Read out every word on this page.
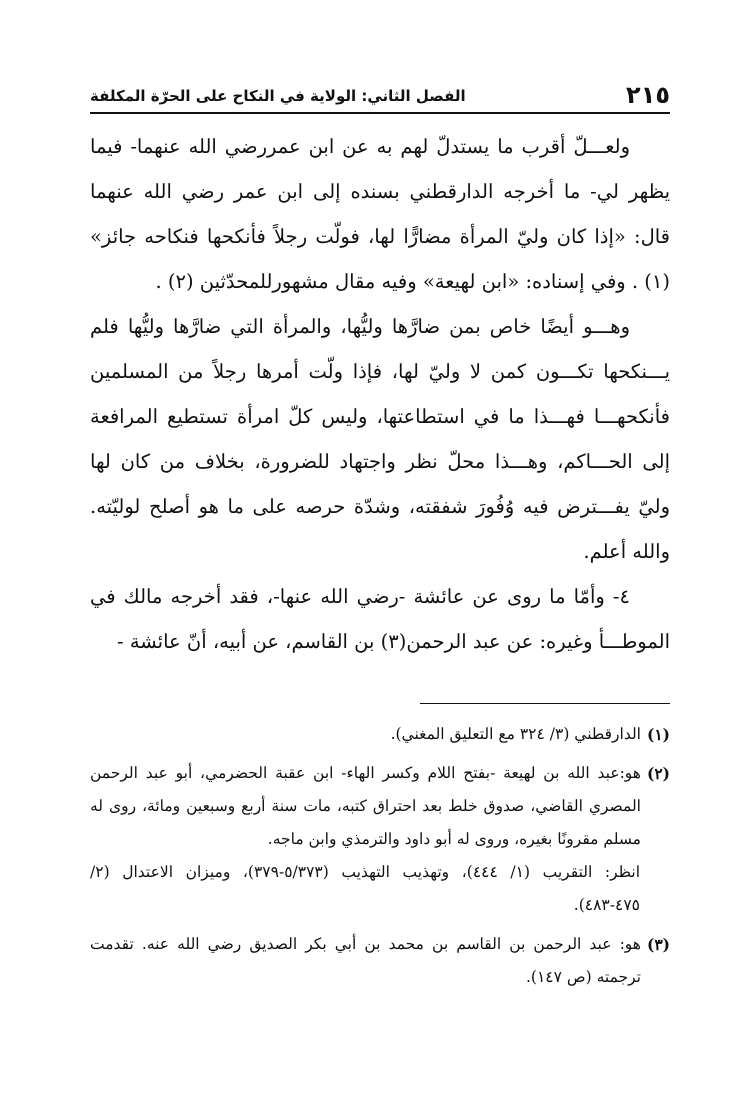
٢١٥
الفصل الثاني: الولاية في النكاح على الحرّة المكلفة

ولعـــلّ أقرب ما يستدلّ لهم به عن ابن عمررضي الله عنهما- فيما يظهر لي- ما أخرجه الدارقطني بسنده إلى ابن عمر رضي الله عنهما قال: «إذا كان وليّ المرأة مضارًّا لها، فولّت رجلاً فأنكحها فنكاحه جائز» (١) . وفي إسناده: «ابن لهيعة» وفيه مقال مشهورللمحدّثين (٢) .

وهـــو أيضًا خاص بمن ضارَّها وليُّها، والمرأة التي ضارَّها وليُّها فلم يـــنكحها تكـــون كمن لا وليّ لها، فإذا ولّت أمرها رجلاً من المسلمين فأنكحهـــا فهـــذا ما في استطاعتها، وليس كلّ امرأة تستطيع المرافعة إلى الحـــاكم، وهـــذا محلّ نظر واجتهاد للضرورة، بخلاف من كان لها وليّ يفـــترض فيه وُفُورَ شفقته، وشدّة حرصه على ما هو أصلح لوليّته. والله أعلم.

٤- وأمّا ما روى عن عائشة -رضي الله عنها-، فقد أخرجه مالك في الموطـــأ وغيره: عن عبد الرحمن(٣) بن القاسم، عن أبيه، أنّ عائشة -

(١)
الدارقطني (٣/ ٣٢٤ مع التعليق المغني).
(٢)
هو:عبد الله بن لهيعة -بفتح اللام وكسر الهاء- ابن عقبة الحضرمي، أبو عبد الرحمن المصري القاضي، صدوق خلط بعد احتراق كتبه، مات سنة أربع وسبعين ومائة، روى له مسلم مقرونًا بغيره، وروى له أبو داود والترمذي وابن ماجه.

انظر: التقريب (١/ ٤٤٤)، وتهذيب التهذيب (٥/٣٧٣-٣٧٩)، وميزان الاعتدال (٢/ ٤٧٥-٤٨٣).

(٣)
هو: عبد الرحمن بن القاسم بن محمد بن أبي بكر الصديق رضي الله عنه. تقدمت ترجمته (ص ١٤٧).
